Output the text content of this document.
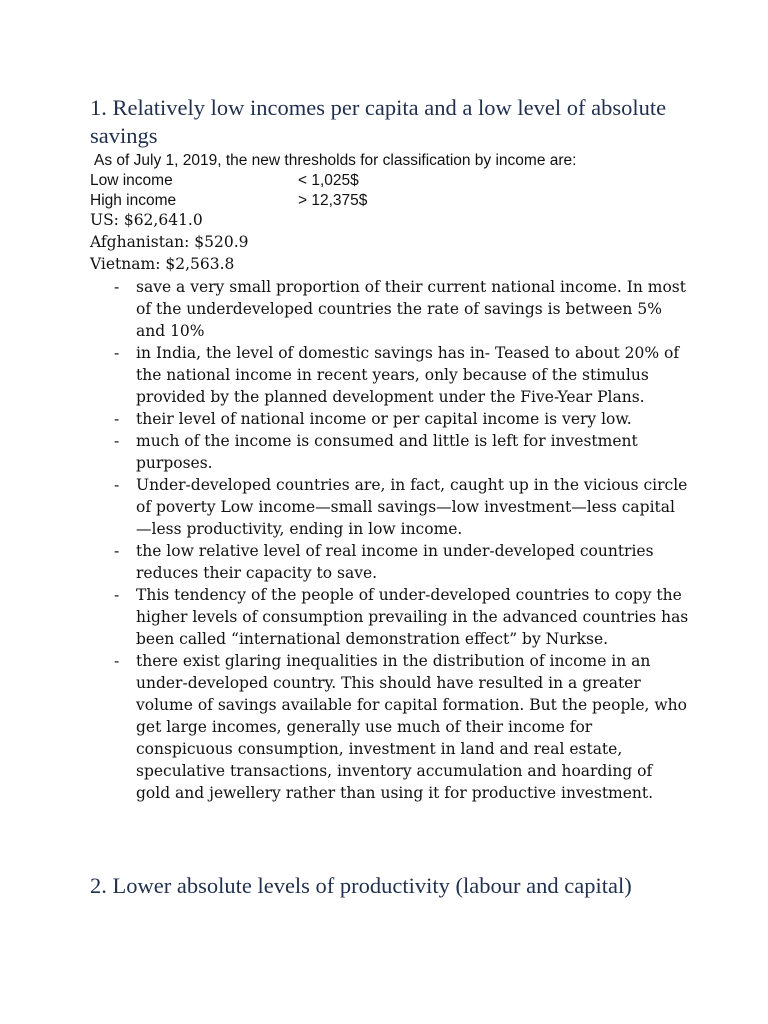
1. Relatively low incomes per capita and a low level of absolute savings
As of July 1, 2019, the new thresholds for classification by income are:
Low income	< 1,025$
High income	> 12,375$
US: $62,641.0
Afghanistan: $520.9
Vietnam: $2,563.8
- save a very small proportion of their current national income. In most of the underdeveloped countries the rate of savings is between 5% and 10%
- in India, the level of domestic savings has in- Teased to about 20% of the national income in recent years, only because of the stimulus provided by the planned development under the Five-Year Plans.
- their level of national income or per capital income is very low.
- much of the income is consumed and little is left for investment purposes.
- Under-developed countries are, in fact, caught up in the vicious circle of poverty Low income—small savings—low investment—less capital—less productivity, ending in low income.
- the low relative level of real income in under-developed countries reduces their capacity to save.
- This tendency of the people of under-developed countries to copy the higher levels of consumption prevailing in the advanced countries has been called “international demonstration effect” by Nurkse.
- there exist glaring inequalities in the distribution of income in an under-developed country. This should have resulted in a greater volume of savings available for capital formation. But the people, who get large incomes, generally use much of their income for conspicuous consumption, investment in land and real estate, speculative transactions, inventory accumulation and hoarding of gold and jewellery rather than using it for productive investment.
2. Lower absolute levels of productivity (labour and capital)
